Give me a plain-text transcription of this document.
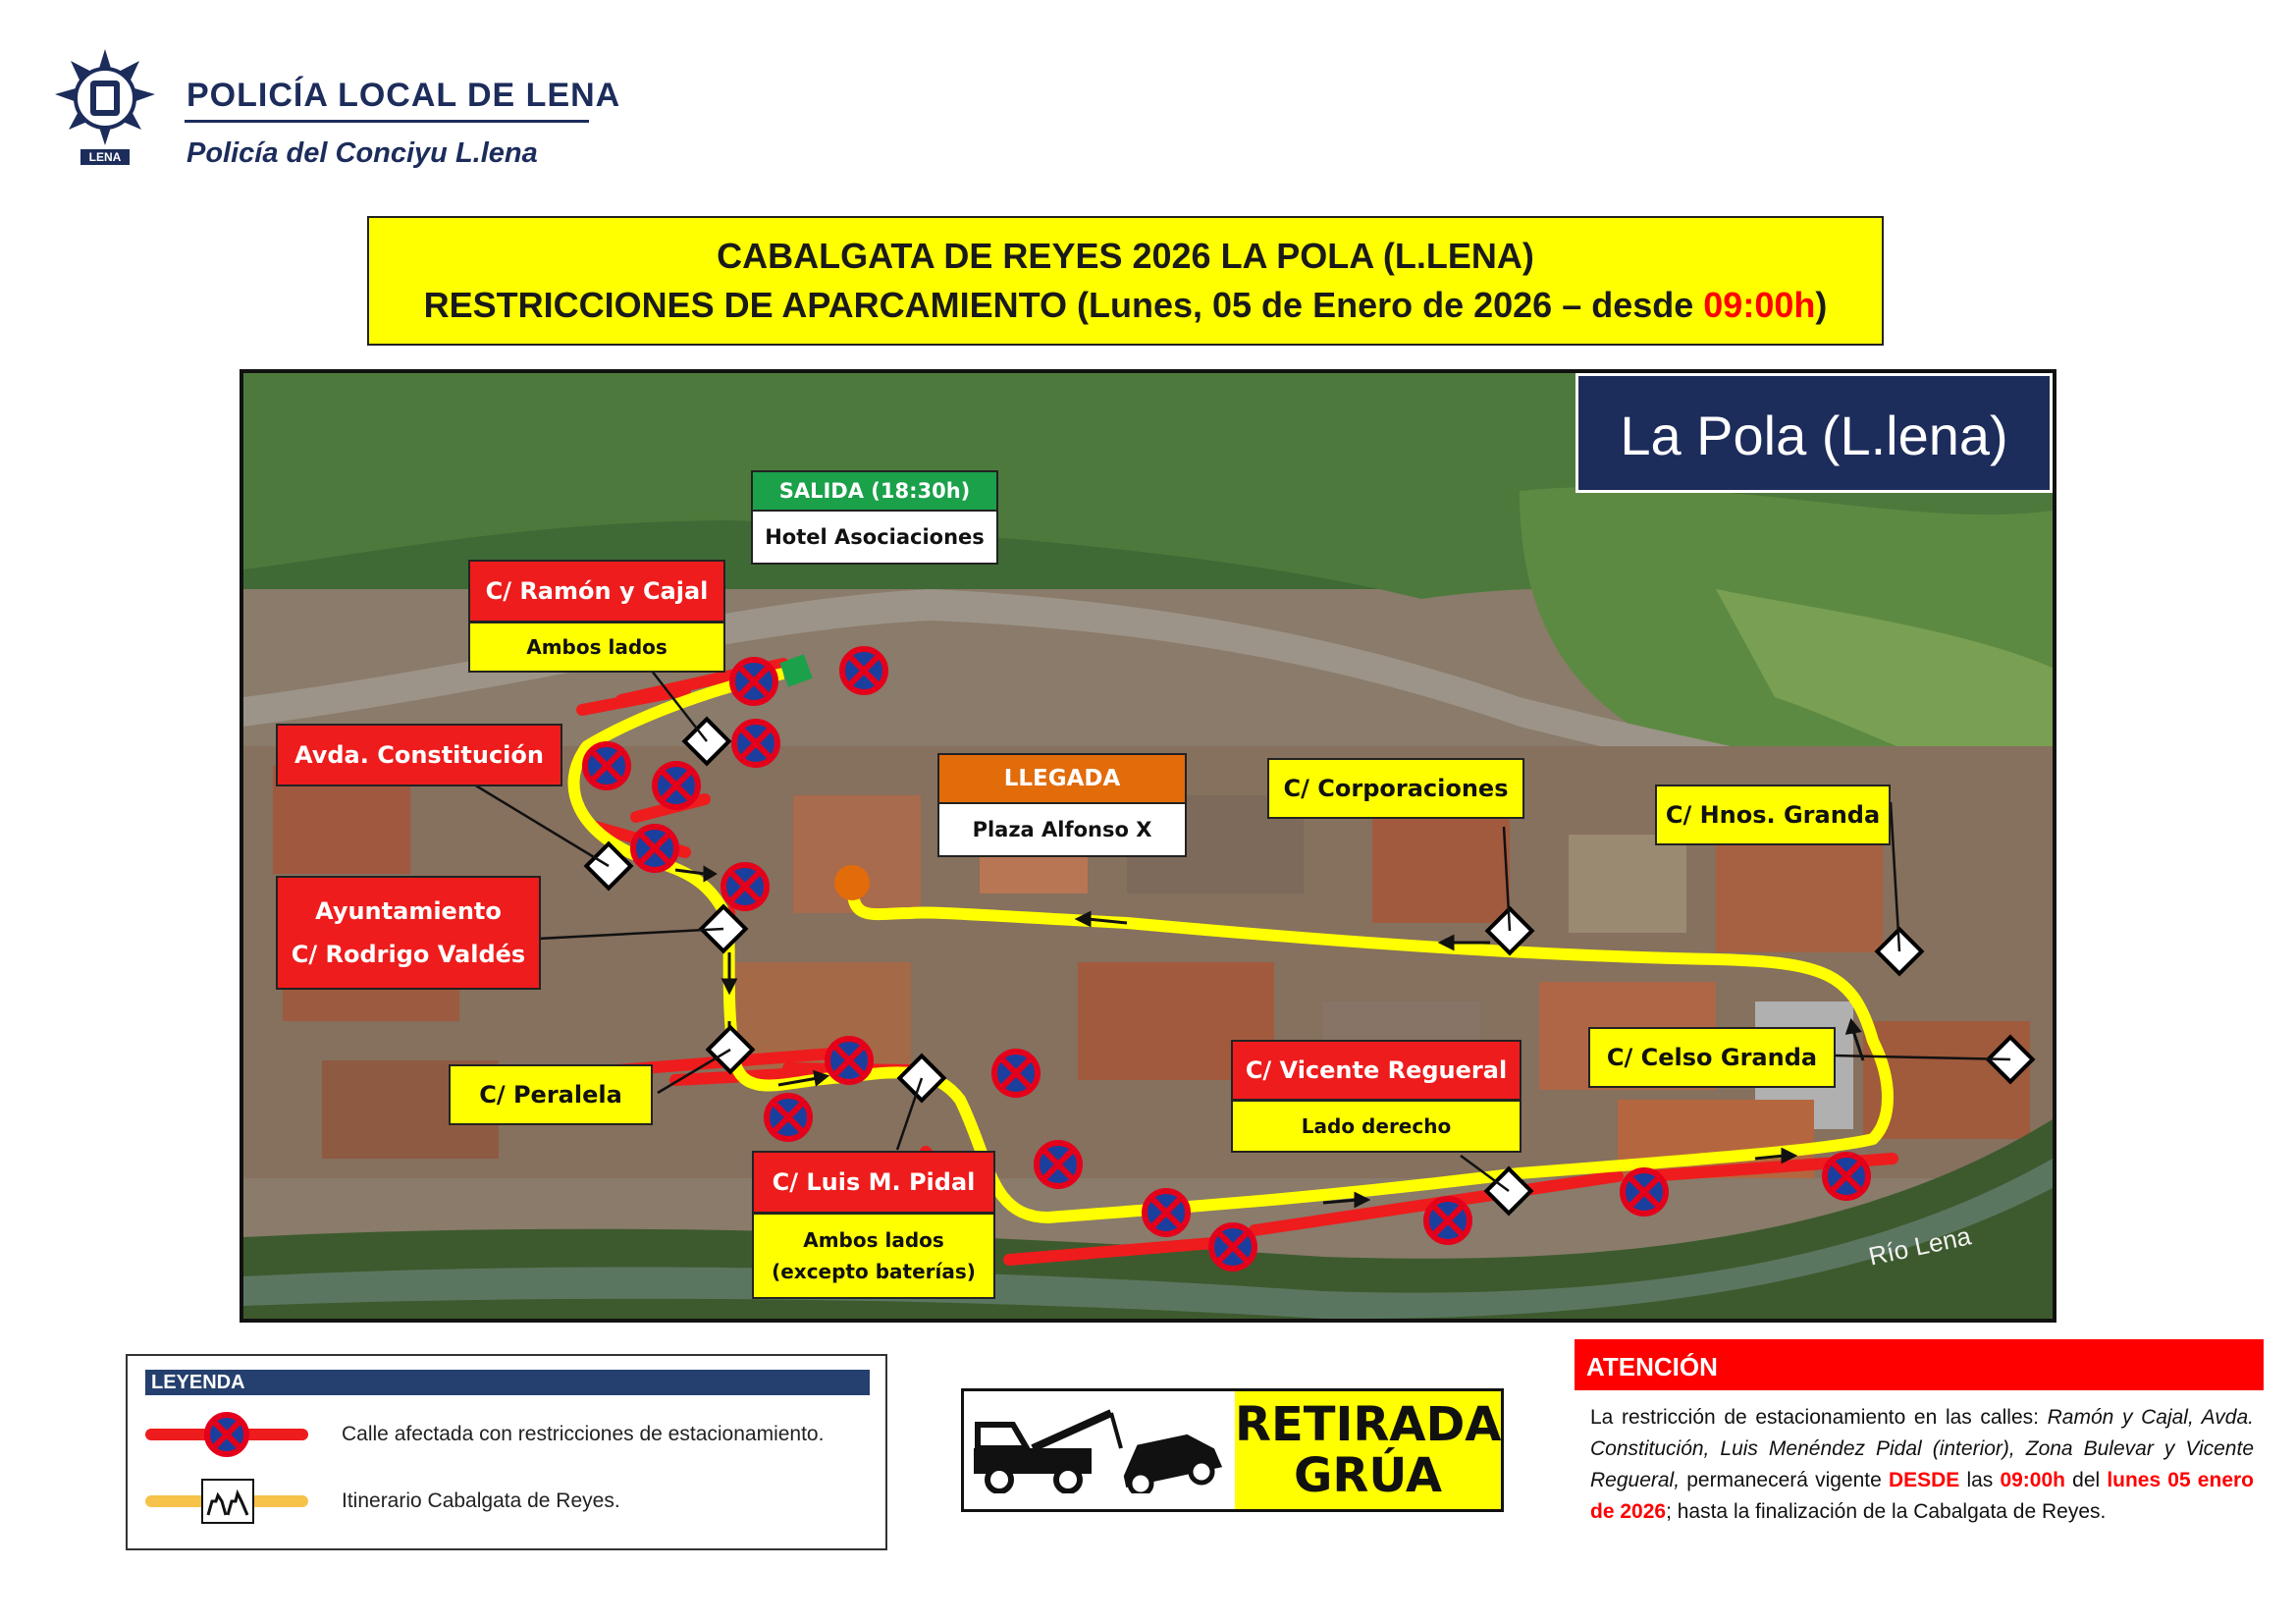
LENA
POLICÍA LOCAL DE LENA
Policía del Conciyu L.lena
CABALGATA DE REYES 2026 LA POLA (L.LENA)
RESTRICCIONES DE APARCAMIENTO (Lunes, 05 de Enero de 2026 – desde 09:00h)
La Pola (L.lena)
Río Lena
SALIDA (18:30h)
Hotel Asociaciones
C/ Ramón y Cajal
Ambos lados
Avda. Constitución
Ayuntamiento
C/ Rodrigo Valdés
C/ Peralela
C/ Luis M. Pidal
Ambos lados
(excepto baterías)
LLEGADA
Plaza Alfonso X
C/ Corporaciones
C/ Hnos. Granda
C/ Celso Granda
C/ Vicente Regueral
Lado derecho
LEYENDA
Calle afectada con restricciones de estacionamiento.
Itinerario Cabalgata de Reyes.
RETIRADA
GRÚA
ATENCIÓN
La restricción de estacionamiento en las calles: Ramón y Cajal, Avda. Constitución, Luis Menéndez Pidal (interior), Zona Bulevar y Vicente Regueral, permanecerá vigente DESDE las 09:00h del lunes 05 enero de 2026; hasta la finalización de la Cabalgata de Reyes.
